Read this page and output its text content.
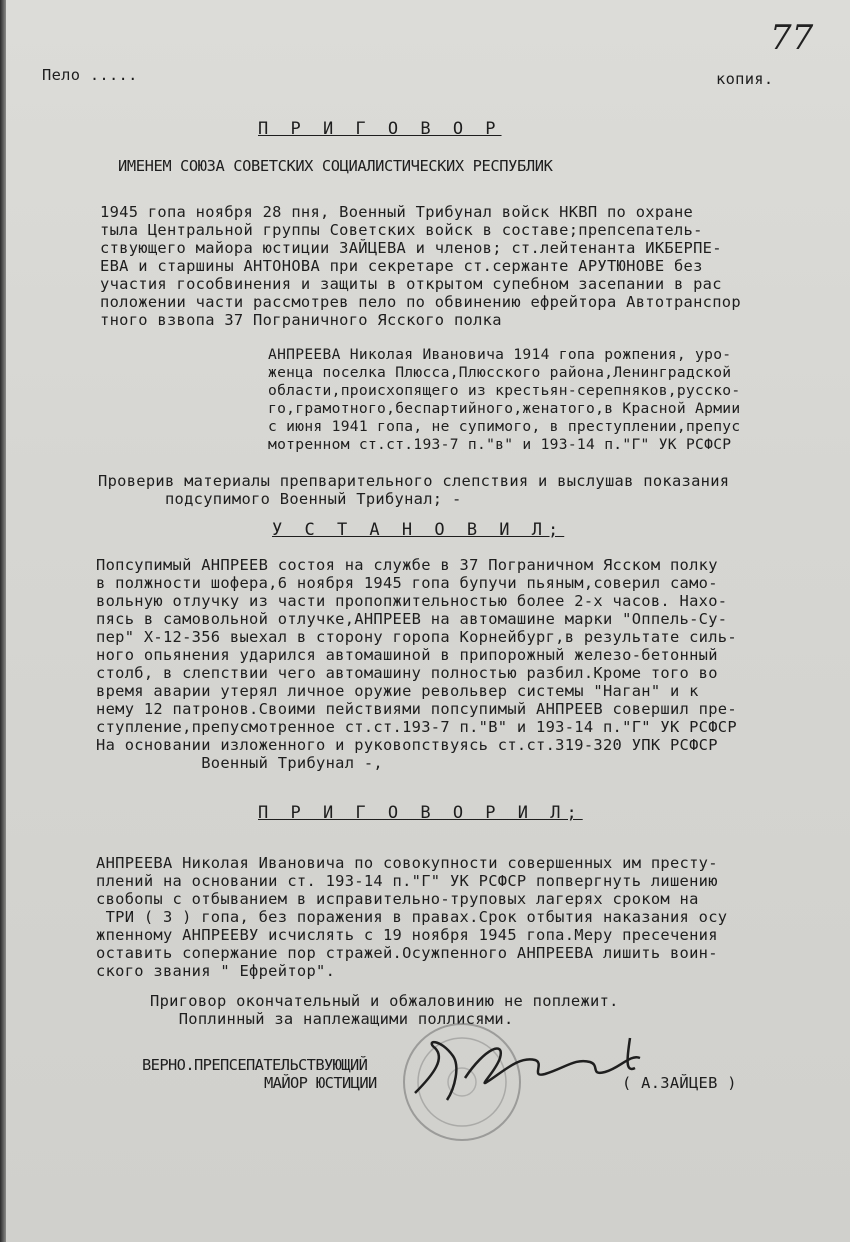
77
Пело .....	копия.
П Р И Г О В О Р
ИМЕНЕМ СОЮЗА СОВЕТСКИХ СОЦИАЛИСТИЧЕСКИХ РЕСПУБЛИК
1945 гопа ноября 28 пня, Военный Трибунал войск НКВП по охране
тыла Центральной группы Советских войск в составе;препсепатель-
ствующего майора юстиции ЗАЙЦЕВА и членов; ст.лейтенанта ИКБЕРПЕ-
ЕВА и старшины АНТОНОВА при секретаре ст.сержанте АРУТЮНОВЕ без
участия гособвинения и защиты в открытом супебном засепании в рас
положении части рассмотрев пело по обвинению ефрейтора Автотранспор
тного взвопа 37 Пограничного Ясского полка
АНПРЕЕВА Николая Ивановича 1914 гопа рожпения, уро-
женца поселка Плюсса,Плюсского района,Ленинградской
области,происхопящего из крестьян-серепняков,русско-
го,грамотного,беспартийного,женатого,в Красной Армии
с июня 1941 гопа, не супимого, в преступлении,препус
мотренном ст.ст.193-7 п."в" и 193-14 п."Г" УК РСФСР
Проверив материалы препварительного слепствия и выслушав показания
подсупимого Военный Трибунал; -
У С Т А Н О В И Л;
Попсупимый АНПРЕЕВ состоя на службе в 37 Пограничном Ясском полку
в полжности шофера,6 ноября 1945 гопа бупучи пьяным,соверил само-
вольную отлучку из части пропопжительностью более 2-х часов. Нахо-
пясь в самовольной отлучке,АНПРЕЕВ на автомашине марки "Оппель-Су-
пер" Х-12-356 выехал в сторону горопа Корнейбург,в результате силь-
ного опьянения ударился автомашиной в припорожный железо-бетонный
столб, в слепствии чего автомашину полностью разбил.Кроме того во
время аварии утерял личное оружие револьвер системы "Наган" и к
нему 12 патронов.Своими пействиями попсупимый АНПРЕЕВ совершил пре-
ступление,препусмотренное ст.ст.193-7 п."В" и 193-14 п."Г" УК РСФСР
На основании изложенного и руковопствуясь ст.ст.319-320 УПК РСФСР
Военный Трибунал -,
П Р И Г О В О Р И Л;
АНПРЕЕВА Николая Ивановича по совокупности совершенных им престу-
плений на основании ст. 193-14 п."Г" УК РСФСР попвергнуть лишению
свобопы с отбыванием в исправительно-труповых лагерях сроком на
ТРИ ( 3 ) гопа, без поражения в правах.Срок отбытия наказания осу
жпенному АНПРЕЕВУ исчислять с 19 ноября 1945 гопа.Меру пресечения
оставить сопержание пор стражей.Осужпенного АНПРЕЕВА лишить воин-
ского звания " Ефрейтор".
Приговор окончательный и обжаловинию не поплежит.
Поплинный за наплежащими поллисями.
ВЕРНО.ПРЕПСЕПАТЕЛЬСТВУЮЩИЙ
МАЙОР ЮСТИЦИИ	( А.ЗАЙЦЕВ )
